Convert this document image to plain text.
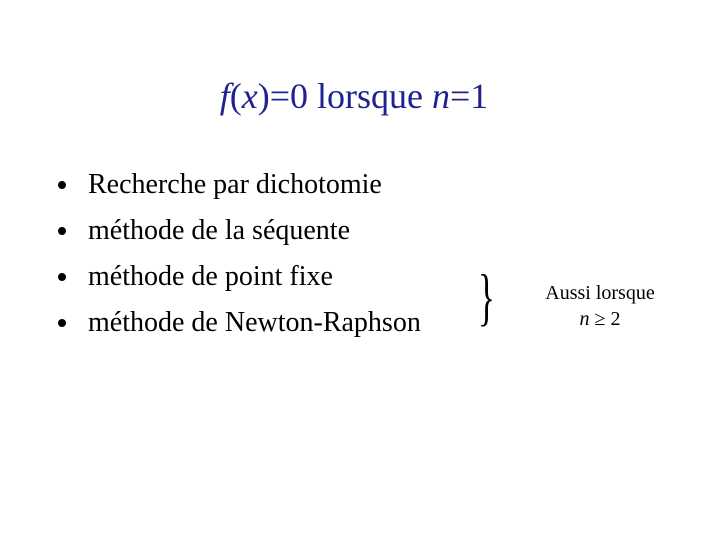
f(x)=0 lorsque n=1
Recherche par dichotomie
méthode de la séquente
méthode de point fixe
méthode de Newton-Raphson }	Aussi lorsque
n ≥ 2
